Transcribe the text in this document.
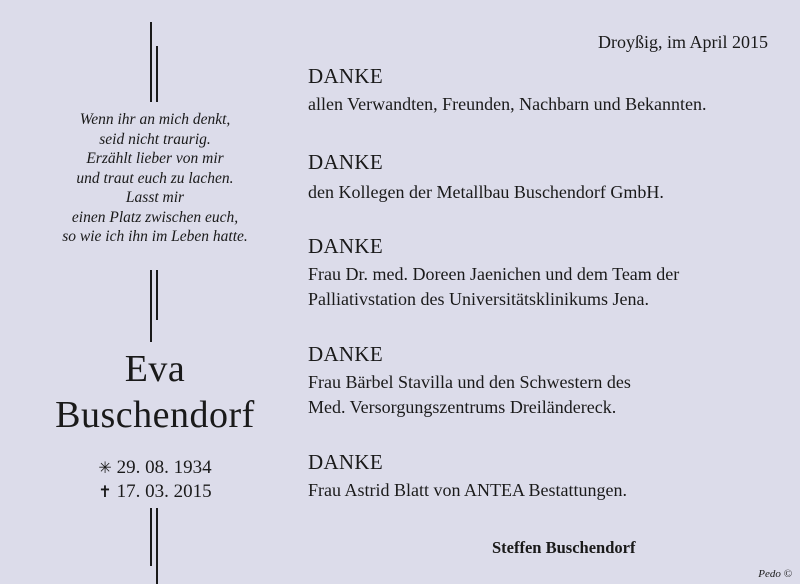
Wenn ihr an mich denkt,
seid nicht traurig.
Erzählt lieber von mir
und traut euch zu lachen.
Lasst mir
einen Platz zwischen euch,
so wie ich ihn im Leben hatte.
Eva
Buschendorf
✳ 29. 08. 1934
✝ 17. 03. 2015
Droyßig, im April 2015
DANKE
allen Verwandten, Freunden, Nachbarn und Bekannten.
DANKE
den Kollegen der Metallbau Buschendorf GmbH.
DANKE
Frau Dr. med. Doreen Jaenichen und dem Team der
Palliativstation des Universitätsklinikums Jena.
DANKE
Frau Bärbel Stavilla und den Schwestern des
Med. Versorgungszentrums Dreiländereck.
DANKE
Frau Astrid Blatt von ANTEA Bestattungen.
Steffen Buschendorf
Pedo ©
